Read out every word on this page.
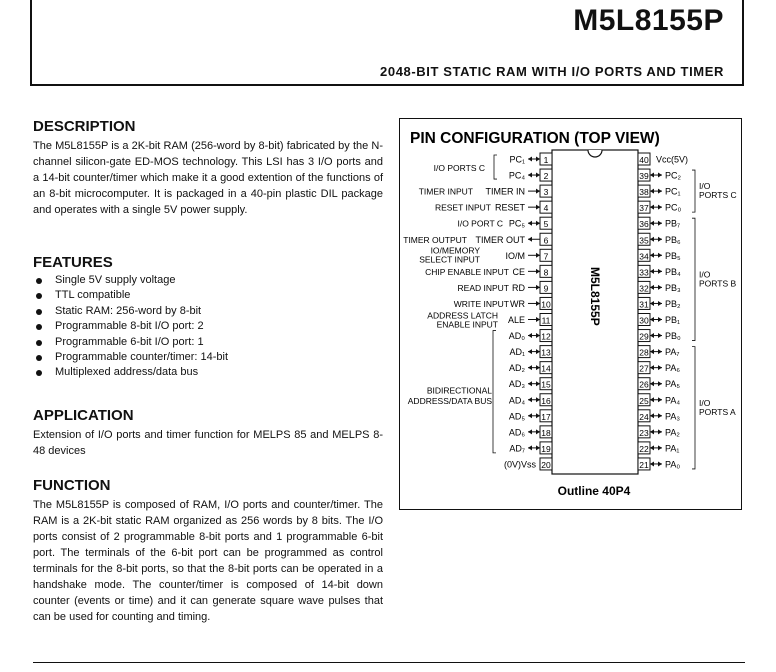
M5L8155P
2048-BIT STATIC RAM WITH I/O PORTS AND TIMER
DESCRIPTION

The M5L8155P is a 2K-bit RAM (256-word by 8-bit) fabricated by the N-channel silicon-gate ED-MOS technology. This LSI has 3 I/O ports and a 14-bit counter/timer which make it a good extention of the functions of an 8-bit microcomputer. It is packaged in a 40-pin plastic DIL package and operates with a single 5V power supply.

FEATURES
Single 5V supply voltage
TTL compatible
Static RAM: 256-word by 8-bit
Programmable 8-bit I/O port: 2
Programmable 6-bit I/O port: 1
Programmable counter/timer: 14-bit
Multiplexed address/data bus
APPLICATION

Extension of I/O ports and timer function for MELPS 85 and MELPS 8-48 devices

FUNCTION

The M5L8155P is composed of RAM, I/O ports and counter/timer. The RAM is a 2K-bit static RAM organized as 256 words by 8 bits. The I/O ports consist of 2 programmable 8-bit ports and 1 programmable 6-bit port. The terminals of the 6-bit port can be programmed as control terminals for the 8-bit ports, so that the 8-bit ports can be operated in a handshake mode. The counter/timer is composed of 14-bit down counter (events or time) and it can generate square wave pulses that can be used for counting and timing.

PIN CONFIGURATION (TOP VIEW)
M5L8155P
1
PC₁
2
PC₄
3
TIMER IN
4
RESET
5
PC₅
6
TIMER OUT
7
IO/M
8
CE
9
RD
10
WR
11
ALE
12
AD₀
13
AD₁
14
AD₂
15
AD₃
16
AD₄
17
AD₅
18
AD₆
19
AD₇
20
(0V)Vss
40 Vcc(5V)
39 PC₂
38 PC₁
37 PC₀
36 PB₇
35 PB₆
34 PB₅
33 PB₄
32 PB₃
31 PB₂
30 PB₁
29 PB₀
28 PA₇
27 PA₆
26 PA₅
25 PA₄
24 PA₃
23 PA₂
22 PA₁
21 PA₀
I/O PORTS C
TIMER INPUT
RESET INPUT
I/O PORT C
TIMER OUTPUT
IO/MEMORY
SELECT INPUT
CHIP ENABLE INPUT
READ INPUT
WRITE INPUT
ADDRESS LATCH
ENABLE INPUT
BIDIRECTIONAL
ADDRESS/DATA BUS
I/O PORTS C
I/O PORTS B
I/O PORTS A
Outline 40P4
